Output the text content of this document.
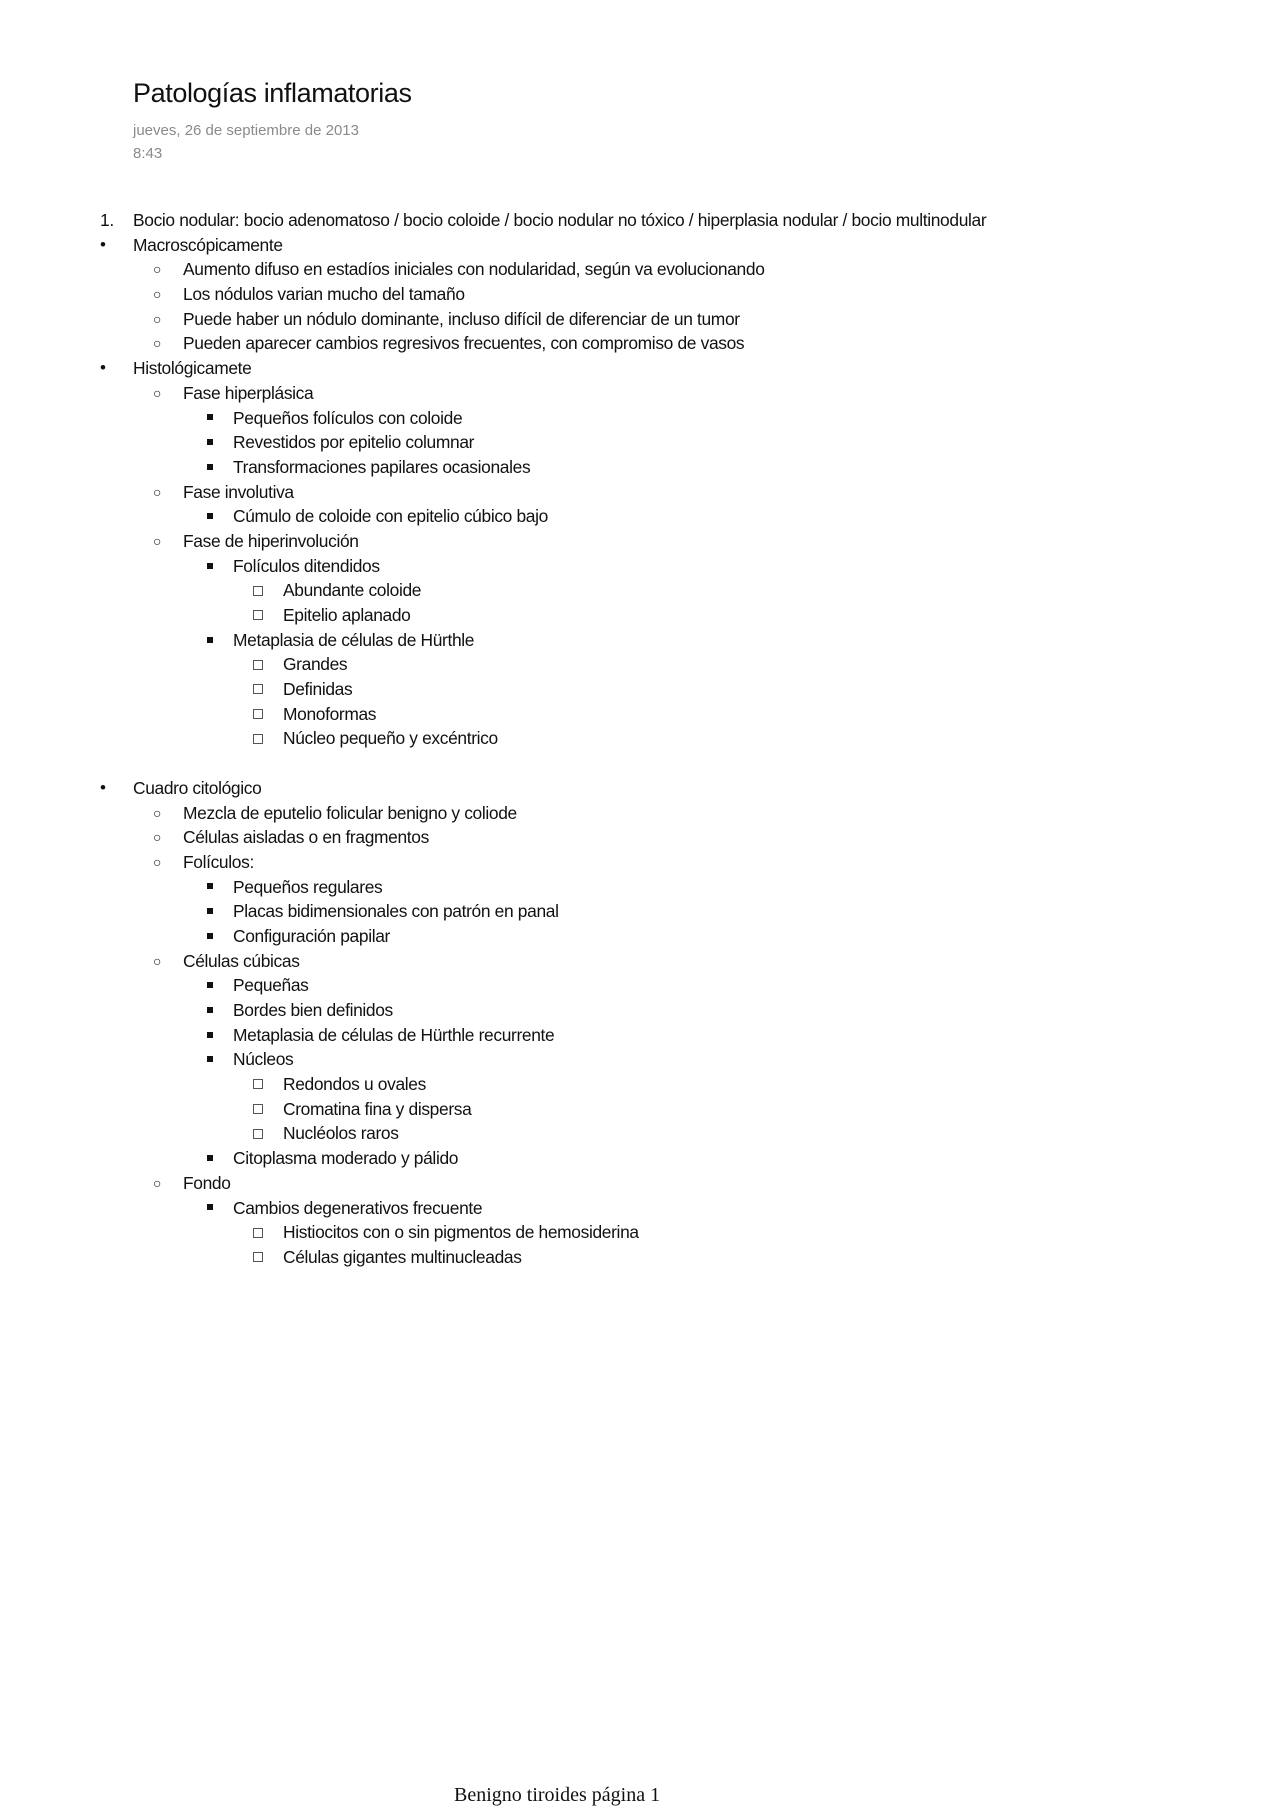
Patologías inflamatorias
jueves, 26 de septiembre de 2013
8:43
1. Bocio nodular: bocio adenomatoso / bocio coloide / bocio nodular no tóxico / hiperplasia nodular / bocio multinodular
• Macroscópicamente
○ Aumento difuso en estadíos iniciales con nodularidad, según va evolucionando
○ Los nódulos varian mucho del tamaño
○ Puede haber un nódulo dominante, incluso difícil de diferenciar de un tumor
○ Pueden aparecer cambios regresivos frecuentes, con compromiso de vasos
• Histológicamete
○ Fase hiperplásica
Pequeños folículos con coloide
Revestidos por epitelio columnar
Transformaciones papilares ocasionales
○ Fase involutiva
Cúmulo de coloide con epitelio cúbico bajo
○ Fase de hiperinvolución
Folículos ditendidos
Abundante coloide
Epitelio aplanado
Metaplasia de células de Hürthle
Grandes
Definidas
Monoformas
Núcleo pequeño y excéntrico
• Cuadro citológico
○ Mezcla de eputelio folicular benigno y coliode
○ Células aisladas o en fragmentos
○ Folículos:
Pequeños regulares
Placas bidimensionales con patrón en panal
Configuración papilar
○ Células cúbicas
Pequeñas
Bordes bien definidos
Metaplasia de células de Hürthle recurrente
Núcleos
Redondos u ovales
Cromatina fina y dispersa
Nucléolos raros
Citoplasma moderado y pálido
○ Fondo
Cambios degenerativos frecuente
Histiocitos con o sin pigmentos de hemosiderina
Células gigantes multinucleadas
Benigno tiroides página 1
